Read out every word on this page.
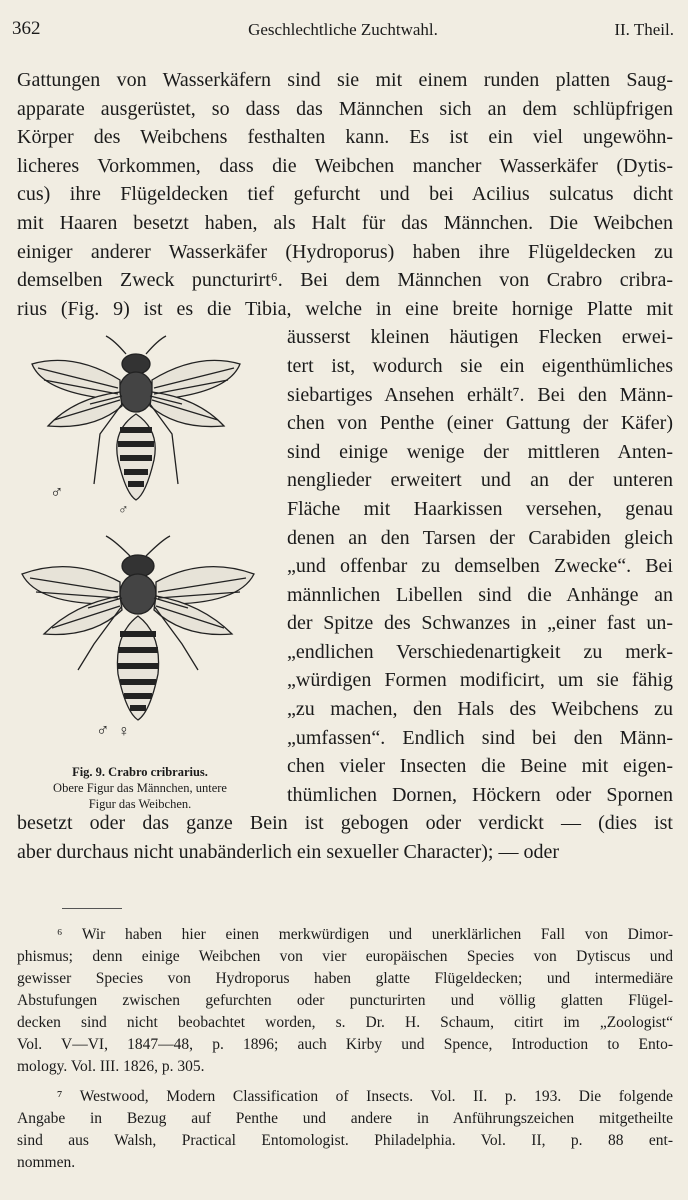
362	Geschlechtliche Zuchtwahl.	II. Theil.
Gattungen von Wasserkäfern sind sie mit einem runden platten Saug-
apparate ausgerüstet, so dass das Männchen sich an dem schlüpfrigen
Körper des Weibchens festhalten kann. Es ist ein viel ungewöhn-
licheres Vorkommen, dass die Weibchen mancher Wasserkäfer (Dytis-
cus) ihre Flügeldecken tief gefurcht und bei Acilius sulcatus dicht
mit Haaren besetzt haben, als Halt für das Männchen. Die Weibchen
einiger anderer Wasserkäfer (Hydroporus) haben ihre Flügeldecken zu
demselben Zweck puncturirt⁶. Bei dem Männchen von Crabro cribra-
rius (Fig. 9) ist es die Tibia, welche in eine breite hornige Platte mit
äusserst kleinen häutigen Flecken erwei-
tert ist, wodurch sie ein eigenthümliches
siebartiges Ansehen erhält⁷. Bei den Männ-
chen von Penthe (einer Gattung der Käfer)
sind einige wenige der mittleren Anten-
nenglieder erweitert und an der unteren
Fläche mit Haarkissen versehen, genau
denen an den Tarsen der Carabiden gleich
„und offenbar zu demselben Zwecke“. Bei
männlichen Libellen sind die Anhänge an
der Spitze des Schwanzes in „einer fast un-
„endlichen Verschiedenartigkeit zu merk-
„würdigen Formen modificirt, um sie fähig
„zu machen, den Hals des Weibchens zu
„umfassen“. Endlich sind bei den Männ-
chen vieler Insecten die Beine mit eigen-
thümlichen Dornen, Höckern oder Spornen
besetzt oder das ganze Bein ist gebogen oder verdickt — (dies ist
aber durchaus nicht unabänderlich ein sexueller Character); — oder
♂
♂
♂ ♀
Fig. 9. Crabro cribrarius.
Obere Figur das Männchen, untere
Figur das Weibchen.
⁶ Wir haben hier einen merkwürdigen und unerklärlichen Fall von Dimor-
phismus; denn einige Weibchen von vier europäischen Species von Dytiscus und
gewisser Species von Hydroporus haben glatte Flügeldecken; und intermediäre
Abstufungen zwischen gefurchten oder puncturirten und völlig glatten Flügel-
decken sind nicht beobachtet worden, s. Dr. H. Schaum, citirt im „Zoologist“
Vol. V—VI, 1847—48, p. 1896; auch Kirby und Spence, Introduction to Ento-
mology. Vol. III. 1826, p. 305.
⁷ Westwood, Modern Classification of Insects. Vol. II. p. 193. Die folgende
Angabe in Bezug auf Penthe und andere in Anführungszeichen mitgetheilte
sind aus Walsh, Practical Entomologist. Philadelphia. Vol. II, p. 88 ent-
nommen.
